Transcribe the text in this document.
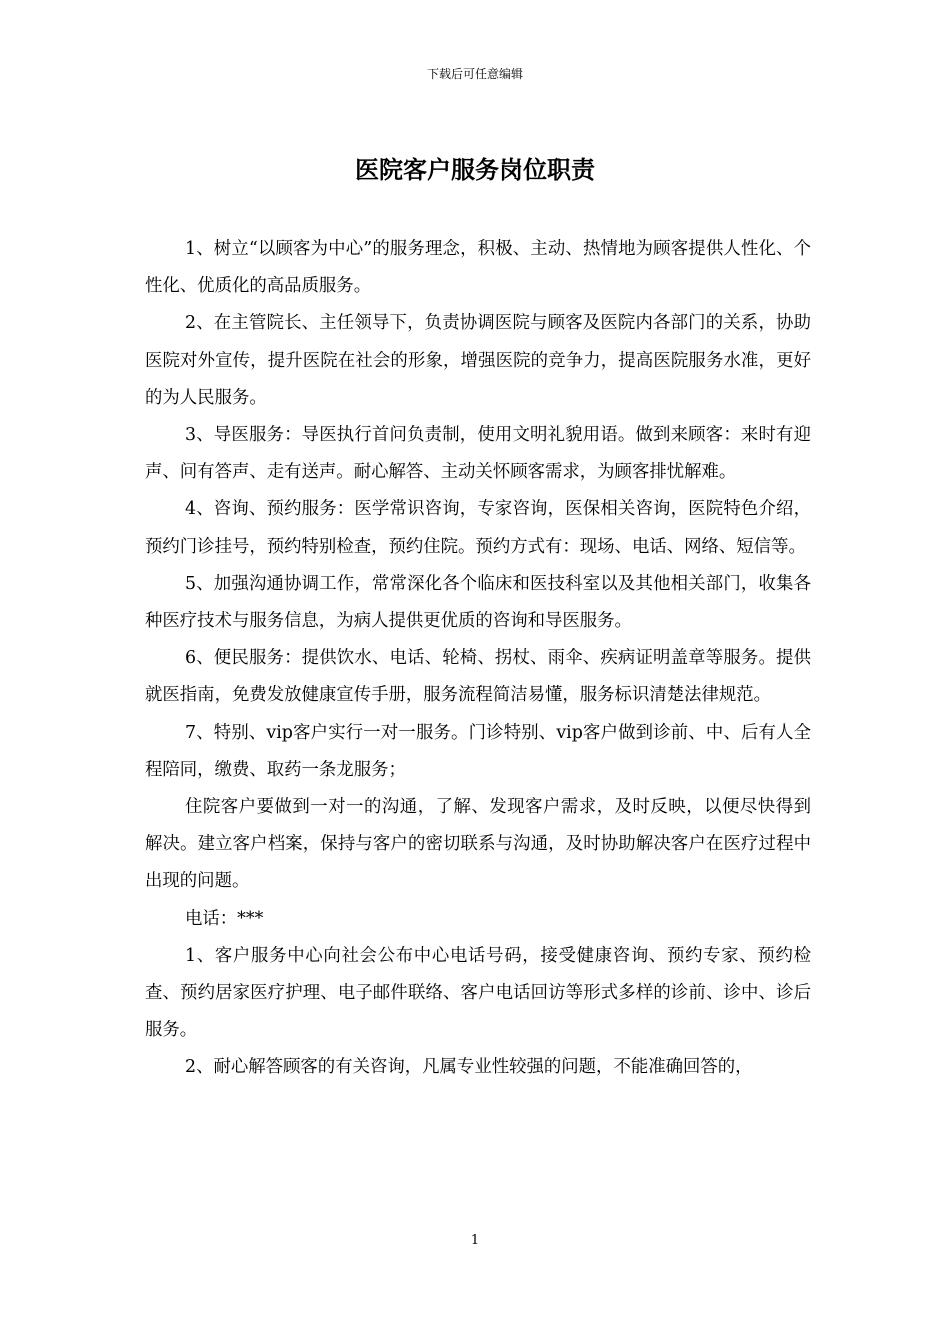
下载后可任意编辑
医院客户服务岗位职责

1、树立“以顾客为中心”的服务理念，积极、主动、热情地为顾客提供人性化、个性化、优质化的高品质服务。

2、在主管院长、主任领导下，负责协调医院与顾客及医院内各部门的关系，协助医院对外宣传，提升医院在社会的形象，增强医院的竞争力，提高医院服务水准，更好的为人民服务。

3、导医服务：导医执行首问负责制，使用文明礼貌用语。做到来顾客：来时有迎声、问有答声、走有送声。耐心解答、主动关怀顾客需求，为顾客排忧解难。

4、咨询、预约服务：医学常识咨询，专家咨询，医保相关咨询，医院特色介绍，预约门诊挂号，预约特别检查，预约住院。预约方式有：现场、电话、网络、短信等。

5、加强沟通协调工作，常常深化各个临床和医技科室以及其他相关部门，收集各种医疗技术与服务信息，为病人提供更优质的咨询和导医服务。

6、便民服务：提供饮水、电话、轮椅、拐杖、雨伞、疾病证明盖章等服务。提供就医指南，免费发放健康宣传手册，服务流程简洁易懂，服务标识清楚法律规范。

7、特别、vip客户实行一对一服务。门诊特别、vip客户做到诊前、中、后有人全程陪同，缴费、取药一条龙服务；

住院客户要做到一对一的沟通，了解、发现客户需求，及时反映，以便尽快得到解决。建立客户档案，保持与客户的密切联系与沟通，及时协助解决客户在医疗过程中出现的问题。

电话：***

1、客户服务中心向社会公布中心电话号码，接受健康咨询、预约专家、预约检查、预约居家医疗护理、电子邮件联络、客户电话回访等形式多样的诊前、诊中、诊后服务。

2、耐心解答顾客的有关咨询，凡属专业性较强的问题，不能准确回答的，

1
